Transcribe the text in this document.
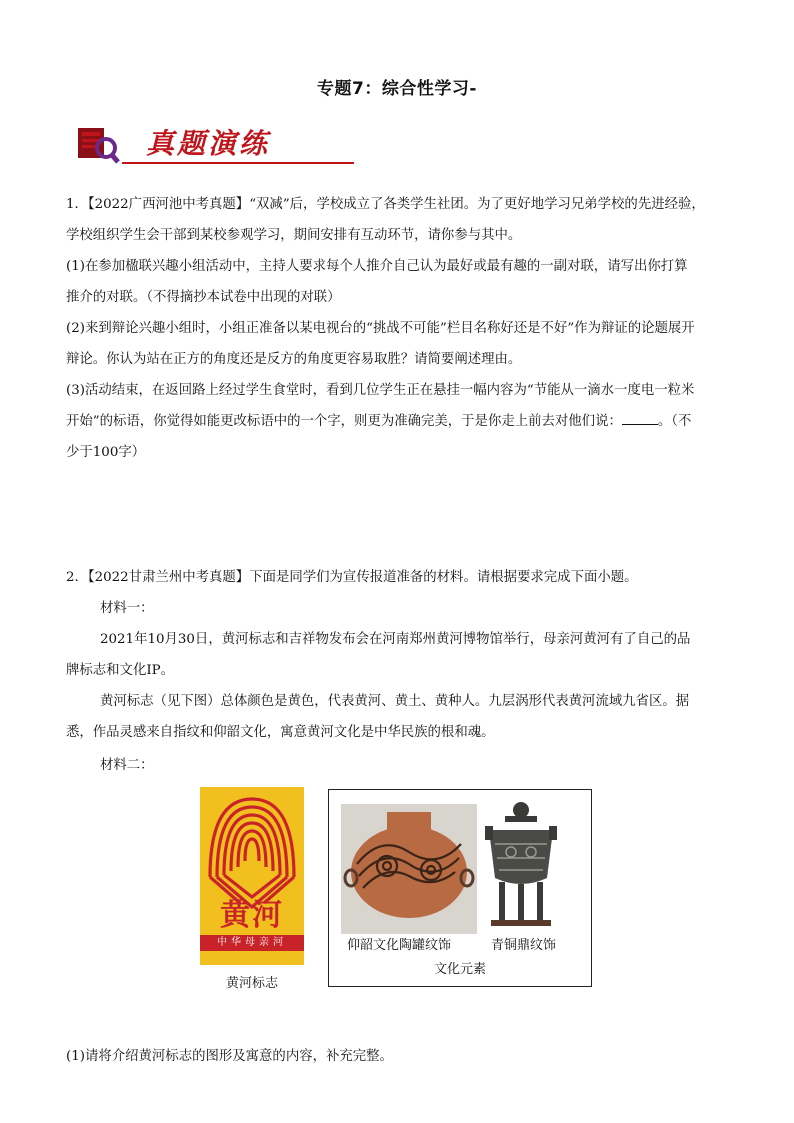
专题7：综合性学习-
真题演练

1．【2022广西河池中考真题】“双减”后，学校成立了各类学生社团。为了更好地学习兄弟学校的先进经验，

学校组织学生会干部到某校参观学习，期间安排有互动环节，请你参与其中。

(1)在参加楹联兴趣小组活动中，主持人要求每个人推介自己认为最好或最有趣的一副对联，请写出你打算

推介的对联。（不得摘抄本试卷中出现的对联）

(2)来到辩论兴趣小组时，小组正准备以某电视台的“挑战不可能”栏目名称好还是不好”作为辩证的论题展开

辩论。你认为站在正方的角度还是反方的角度更容易取胜？请简要阐述理由。

(3)活动结束，在返回路上经过学生食堂时，看到几位学生正在悬挂一幅内容为“节能从一滴水一度电一粒米

开始”的标语，你觉得如能更改标语中的一个字，则更为准确完美，于是你走上前去对他们说：	。（不

少于100字）

2．【2022甘肃兰州中考真题】下面是同学们为宣传报道准备的材料。请根据要求完成下面小题。

材料一：

2021年10月30日，黄河标志和吉祥物发布会在河南郑州黄河博物馆举行，母亲河黄河有了自己的品

牌标志和文化IP。

黄河标志（见下图）总体颜色是黄色，代表黄河、黄土、黄种人。九层涡形代表黄河流域九省区。据

悉，作品灵感来自指纹和仰韶文化，寓意黄河文化是中华民族的根和魂。

材料二：

黄河
中华母亲河
黄河标志
仰韶文化陶罐纹饰	青铜鼎纹饰
文化元素

(1)请将介绍黄河标志的图形及寓意的内容，补充完整。
